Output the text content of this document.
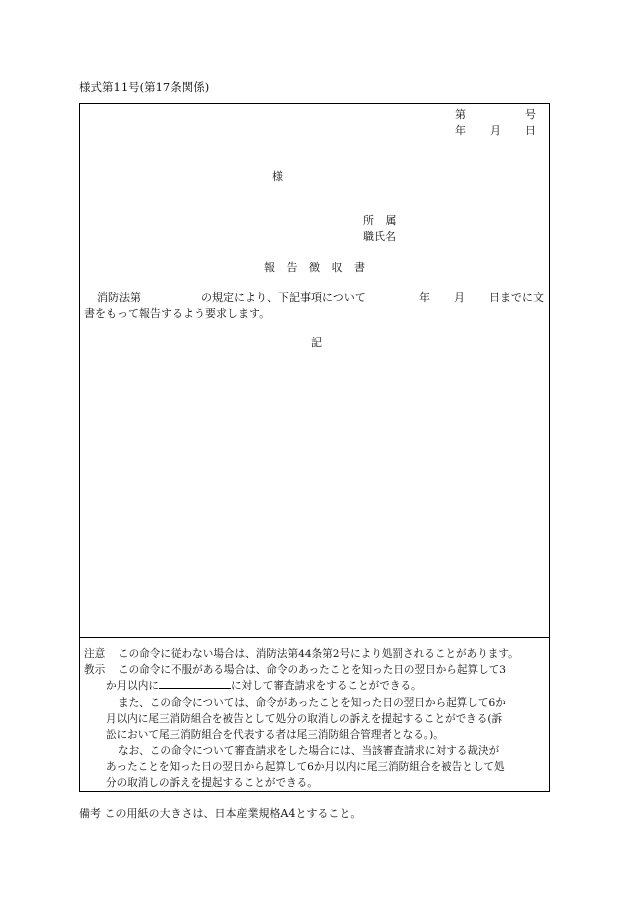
様式第11号(第17条関係)
第	号
年 月 日
様
所 属
職氏名
報 告 徴 収 書
消防法第	の規定により、下記事項について	年 月 日までに文
書をもって報告するよう要求します。
記
注意 この命令に従わない場合は、消防法第44条第2号により処罰されることがあります。
教示 この命令に不服がある場合は、命令のあったことを知った日の翌日から起算して3
か月以内に	に対して審査請求をすることができる。
また、この命令については、命令があったことを知った日の翌日から起算して6か
月以内に尾三消防組合を被告として処分の取消しの訴えを提起することができる(訴
訟において尾三消防組合を代表する者は尾三消防組合管理者となる。)。
なお、この命令について審査請求をした場合には、当該審査請求に対する裁決が
あったことを知った日の翌日から起算して6か月以内に尾三消防組合を被告として処
分の取消しの訴えを提起することができる。
備考 この用紙の大きさは、日本産業規格A4とすること。
